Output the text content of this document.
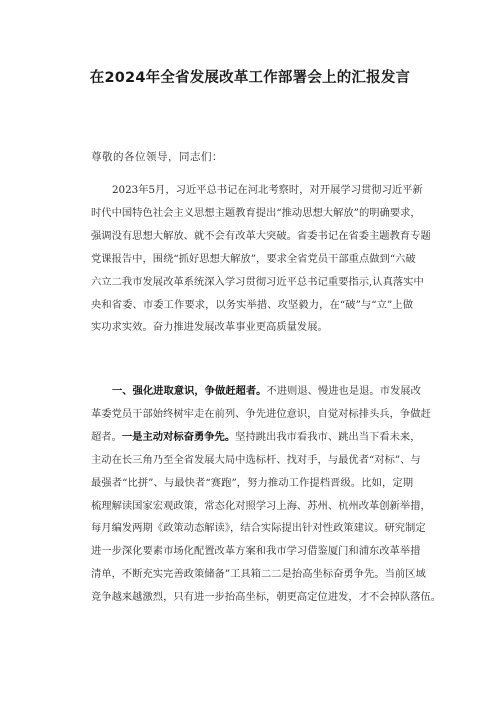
在2024年全省发展改革工作部署会上的汇报发言

尊敬的各位领导，同志们：

2023年5月，习近平总书记在河北考察时，对开展学习贯彻习近平新
时代中国特色社会主义思想主题教育提出“推动思想大解放”的明确要求，
强调没有思想大解放、就不会有改革大突破。省委书记在省委主题教育专题
党课报告中，围绕“抓好思想大解放”，要求全省党员干部重点做到“六破
六立二我市发展改革系统深入学习贯彻习近平总书记重要指示,认真落实中
央和省委、市委工作要求，以务实举措、攻坚毅力，在“破”与“立”上做
实功求实效。奋力推进发展改革事业更高质量发展。
一、强化进取意识，争做赶超者。不进则退、慢进也是退。市发展改
革委党员干部始终树牢走在前列、争先进位意识，自觉对标排头兵，争做赶
超者。一是主动对标奋勇争先。坚持跳出我市看我市、跳出当下看未来，
主动在长三角乃至全省发展大局中选标杆、找对手，与最优者“对标”、与
最强者“比拼”、与最快者“赛跑”，努力推动工作提档晋级。比如，定期
梳理解读国家宏观政策，常态化对照学习上海、苏州、杭州改革创新举措，
每月编发两期《政策动态解读》，结合实际提出针对性政策建议。研究制定
进一步深化要素市场化配置改革方案和我市学习借鉴厦门和浦东改革举措
清单，不断充实完善政策储备”工具箱二二是抬高坐标奋勇争先。当前区域
竞争越来越激烈，只有进一步抬高坐标，朝更高定位进发，才不会掉队落伍。
